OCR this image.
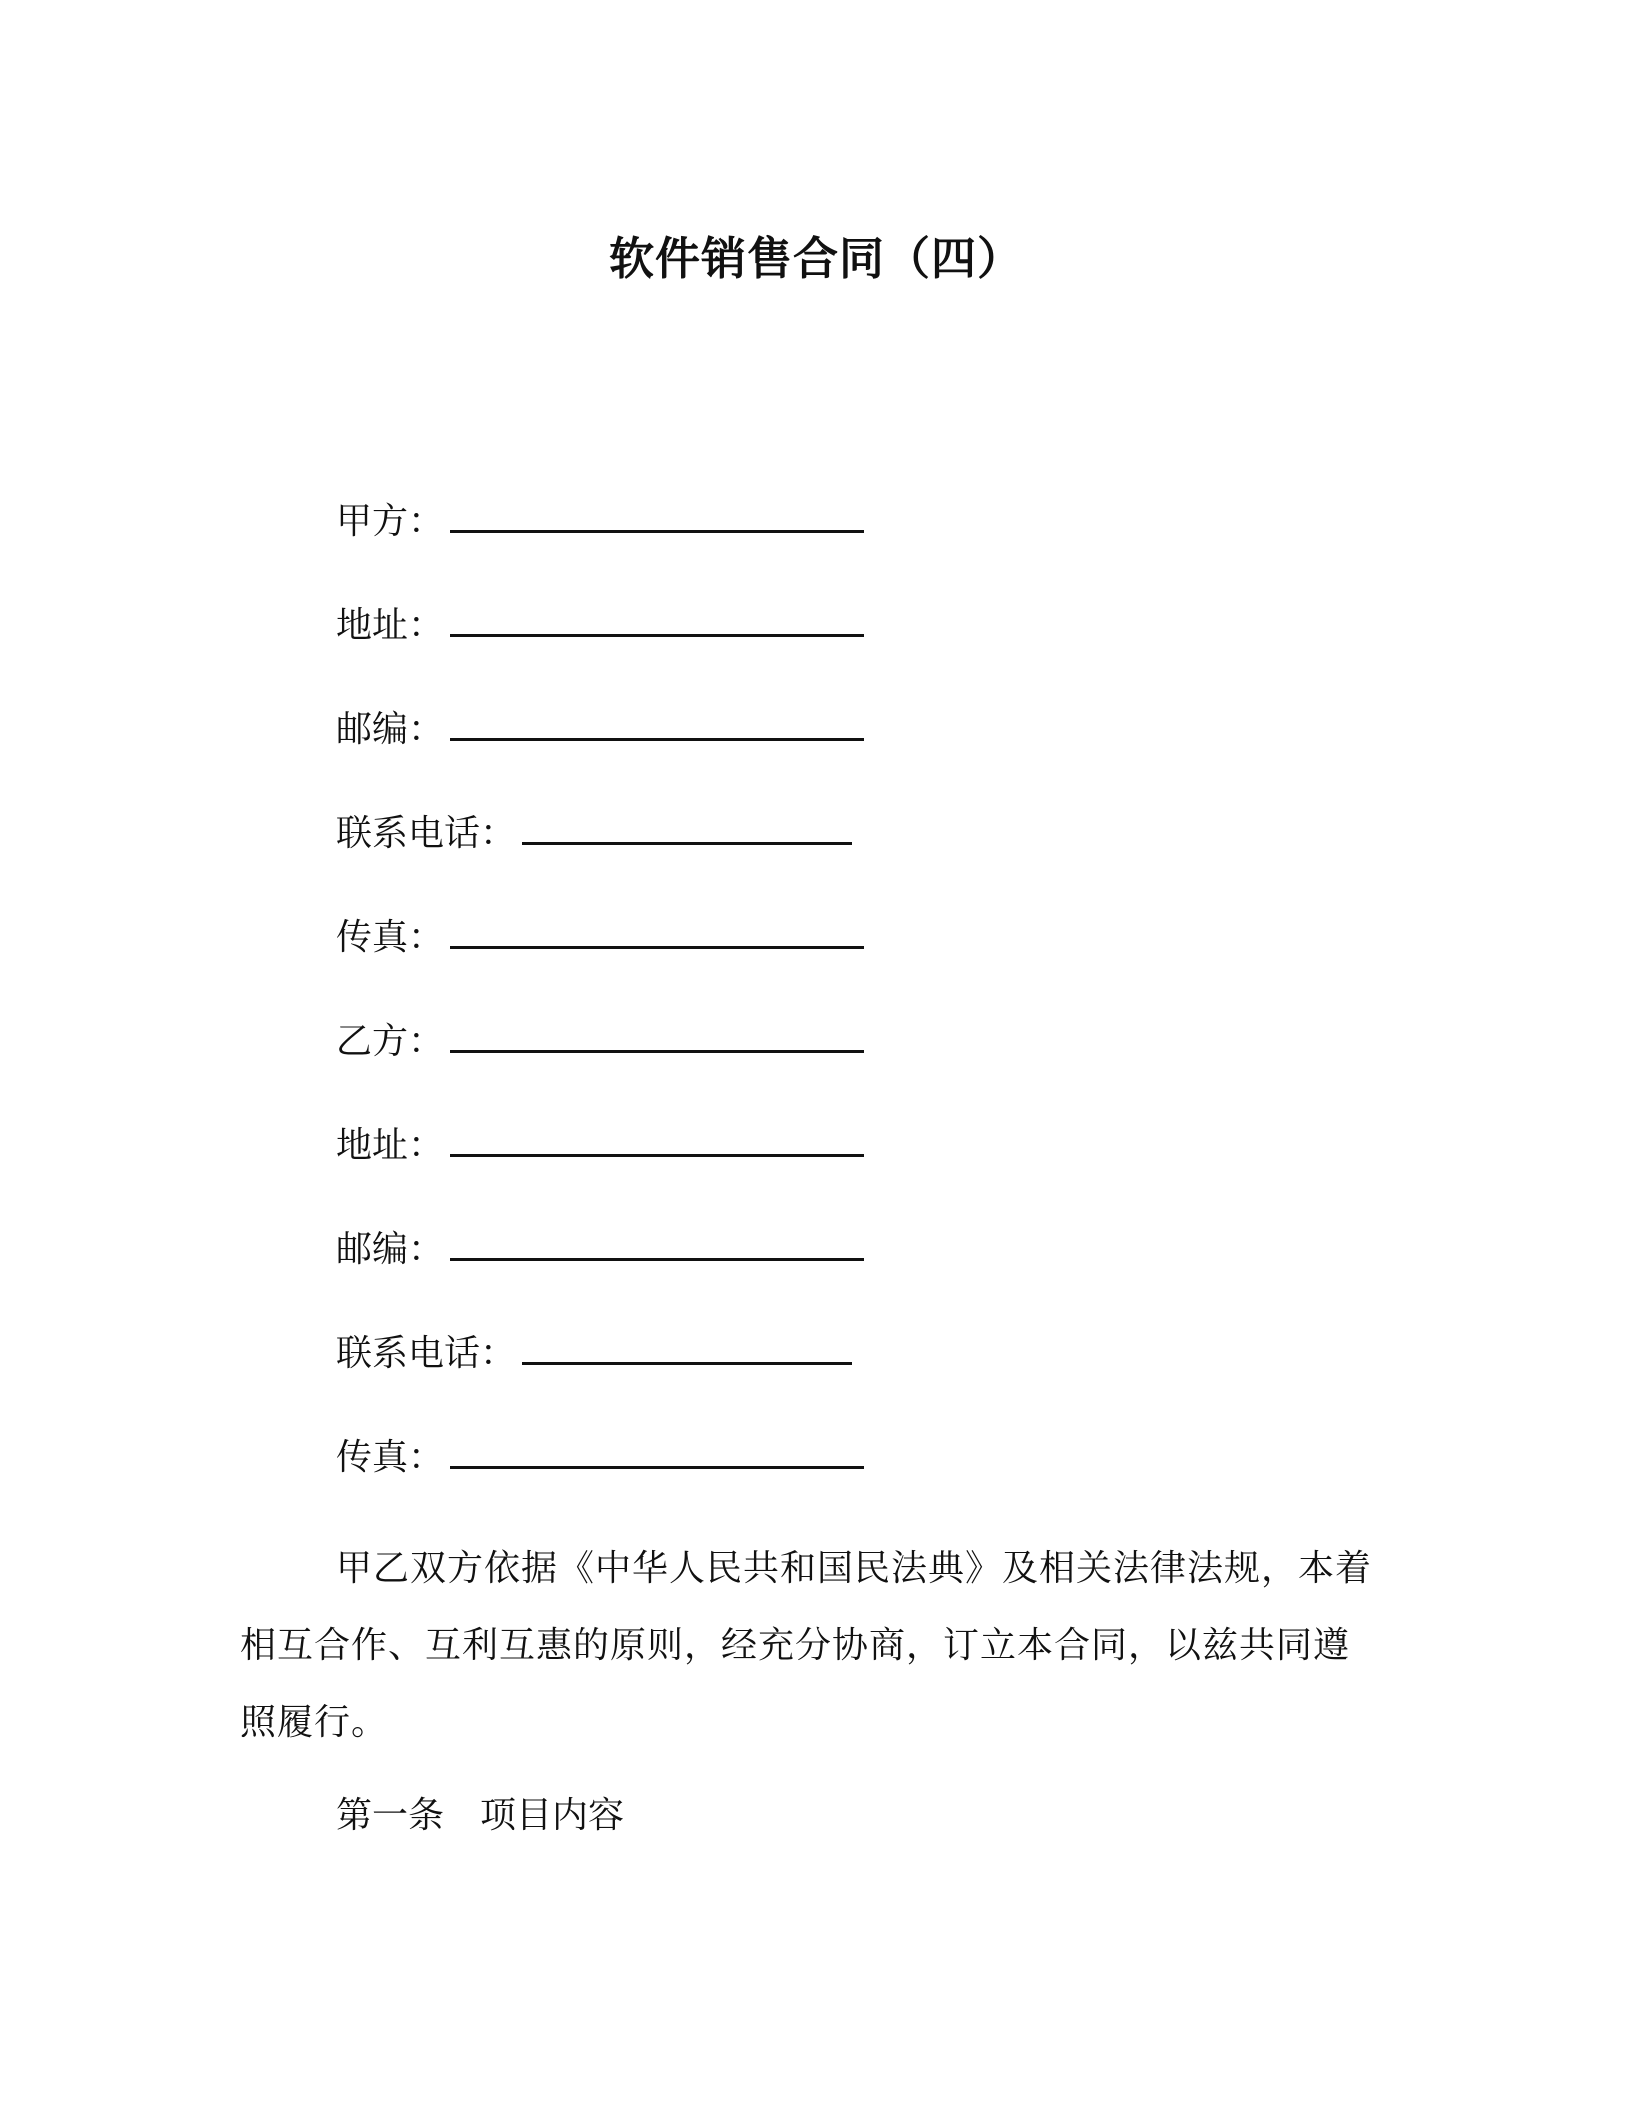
软件销售合同（四）
甲方：
地址：
邮编：
联系电话：
传真：
乙方：
地址：
邮编：
联系电话：
传真：
甲乙双方依据《中华人民共和国民法典》及相关法律法规，本着相互合作、互利互惠的原则，经充分协商，订立本合同，以兹共同遵照履行。
第一条　项目内容
